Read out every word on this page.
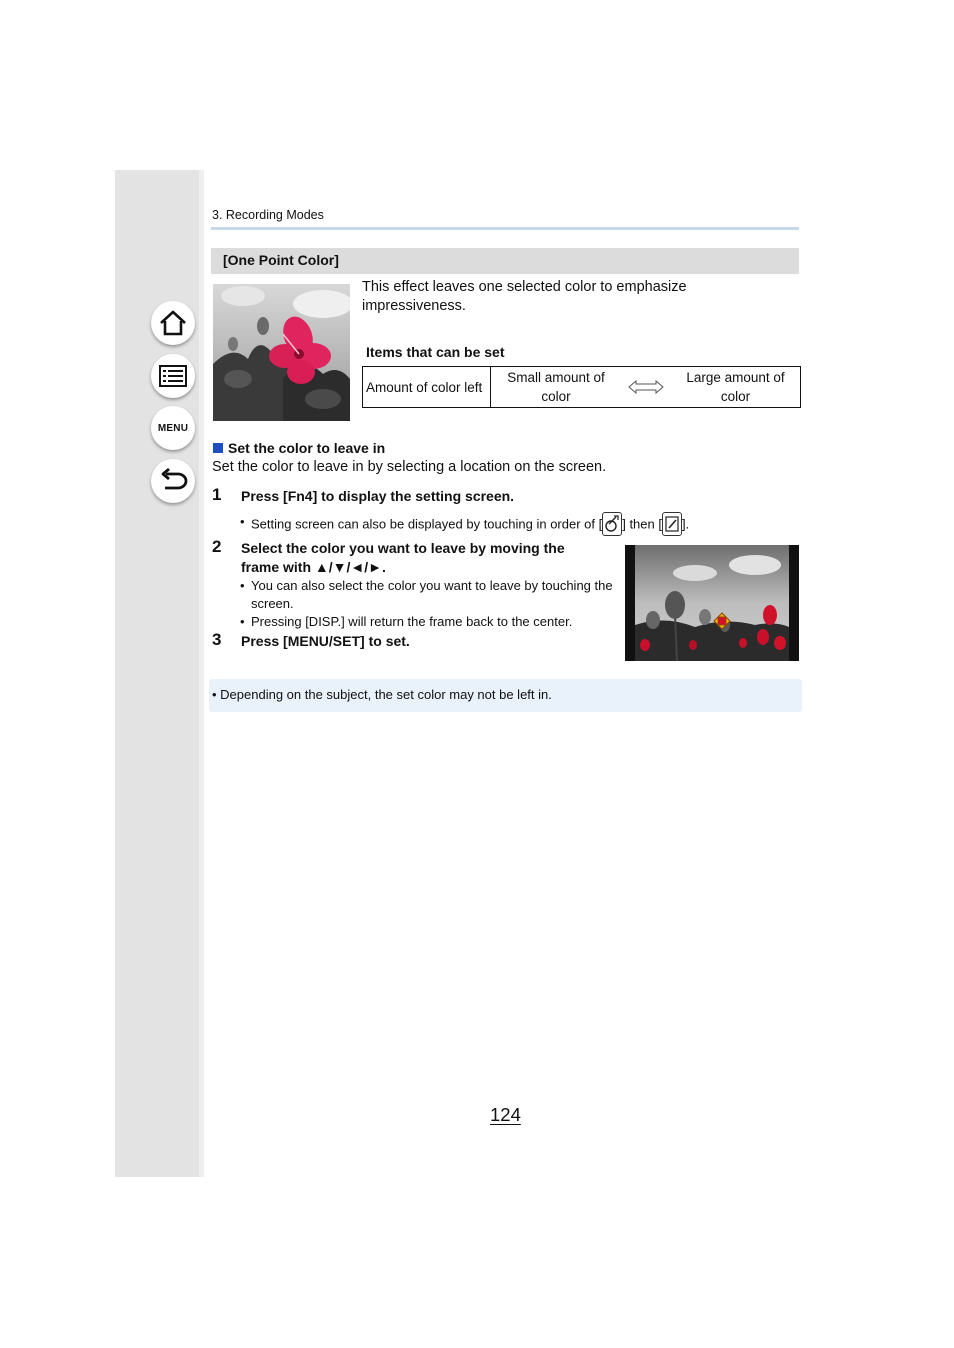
MENU
3. Recording Modes
[One Point Color]
This effect leaves one selected color to emphasize impressiveness.
Items that can be set
Amount of color left
Small amount of color
Large amount of color
Set the color to leave in
Set the color to leave in by selecting a location on the screen.
1 Press [Fn4] to display the setting screen.
• Setting screen can also be displayed by touching in order of [ ] then [ ].
2 Select the color you want to leave by moving the
frame with ▲/▼/◄/►.
• You can also select the color you want to leave by touching the screen.
• Pressing [DISP.] will return the frame back to the center.
3 Press [MENU/SET] to set.
• Depending on the subject, the set color may not be left in.
124
